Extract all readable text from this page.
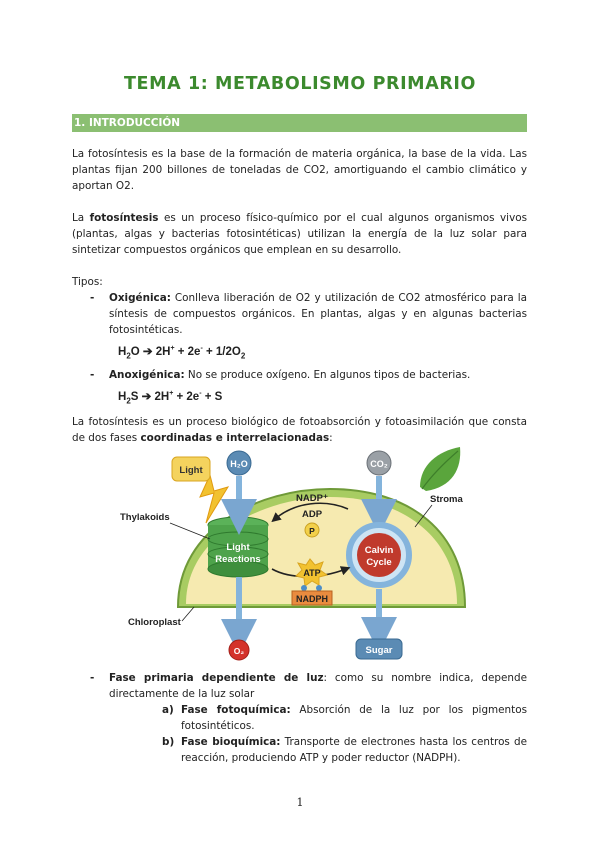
TEMA 1: METABOLISMO PRIMARIO
1. INTRODUCCIÓN

La fotosíntesis es la base de la formación de materia orgánica, la base de la vida. Las plantas fijan 200 billones de toneladas de CO2, amortiguando el cambio climático y aportan O2.

La fotosíntesis es un proceso físico-químico por el cual algunos organismos vivos (plantas, algas y bacterias fotosintéticas) utilizan la energía de la luz solar para sintetizar compuestos orgánicos que emplean en su desarrollo.

Tipos:

- Oxigénica: Conlleva liberación de O2 y utilización de CO2 atmosférico para la síntesis de compuestos orgánicos. En plantas, algas y en algunas bacterias fotosintéticas.
$H_2O$ ➔ $2H^+ + 2e^- + 1/2O_2$
- Anoxigénica: No se produce oxígeno. En algunos tipos de bacterias.
$H_2S$ ➔ 2H+ + 2e- + S

La fotosíntesis es un proceso biológico de fotoabsorción y fotoasimilación que consta de dos fases coordinadas e interrelacionadas:

Light
Reactions
Light
H₂O
O₂
CO₂
Calvin
Cycle
Sugar
NADP⁺
ADP
P
ATP
NADPH
Thylakoids
Stroma
Chloroplast
- Fase primaria dependiente de luz: como su nombre indica, depende directamente de la luz solar
a) Fase fotoquímica: Absorción de la luz por los pigmentos fotosintéticos.
b) Fase bioquímica: Transporte de electrones hasta los centros de reacción, produciendo ATP y poder reductor (NADPH).
1
